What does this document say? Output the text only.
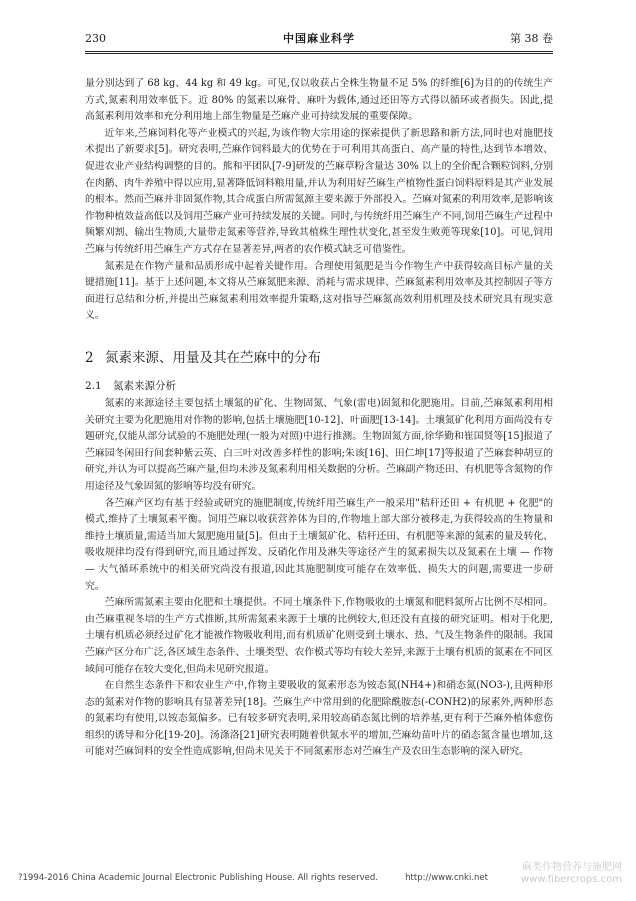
230	中国麻业科学	第 38 卷

量分别达到了 68 kg、44 kg 和 49 kg。可见,仅以收获占全株生物量不足 5% 的纤维[6]为目的的传统生产方式,氮素利用效率低下。近 80% 的氮素以麻骨、麻叶为载体,通过还田等方式得以循环或者损失。因此,提高氮素利用效率和充分利用地上部生物量是苎麻产业可持续发展的重要保障。

近年来,苎麻饲料化等产业模式的兴起,为该作物大宗用途的探索提供了新思路和新方法,同时也对施肥技术提出了新要求[5]。研究表明,苎麻作饲料最大的优势在于可利用其高蛋白、高产量的特性,达到节本增效、促进农业产业结构调整的目的。熊和平团队[7-9]研发的苎麻草粉含量达 30% 以上的全价配合颗粒饲料,分别在肉鹅、肉牛养殖中得以应用,显著降低饲料粮用量,并认为利用好苎麻生产植物性蛋白饲料原料是其产业发展的根本。然而苎麻并非固氮作物,其合成蛋白所需氮源主要来源于外部投入。苎麻对氮素的利用效率,是影响该作物种植效益高低以及饲用苎麻产业可持续发展的关键。同时,与传统纤用苎麻生产不同,饲用苎麻生产过程中频繁刈割、输出生物质,大量带走氮素等营养,导致其植株生理性状变化,甚至发生败蔸等现象[10]。可见,饲用苎麻与传统纤用苎麻生产方式存在显著差异,两者的农作模式缺乏可借鉴性。

氮素是在作物产量和品质形成中起着关键作用。合理使用氮肥是当今作物生产中获得较高目标产量的关键措施[11]。基于上述问题,本文将从苎麻氮肥来源、消耗与需求规律、苎麻氮素利用效率及其控制因子等方面进行总结和分析,并提出苎麻氮素利用效率提升策略,这对指导苎麻氮高效利用机理及技术研究具有现实意义。

2 氮素来源、用量及其在苎麻中的分布
2.1 氮素来源分析

氮素的来源途径主要包括土壤氮的矿化、生物固氮、气象(雷电)固氮和化肥施用。目前,苎麻氮素利用相关研究主要为化肥施用对作物的影响,包括土壤施肥[10-12]、叶面肥[13-14]。土壤氮矿化利用方面尚没有专题研究,仅能从部分试验的不施肥处理(一般为对照)中进行推测。生物固氮方面,徐华勤和崔国贤等[15]报道了苎麻园冬闲田行间套种紫云英、白三叶对改善多样性的影响;朱该[16]、田仁坤[17]等报道了苎麻套种胡豆的研究,并认为可以提高苎麻产量,但均未涉及氮素利用相关数据的分析。苎麻副产物还田、有机肥等含氮物的作用途径及气象固氮的影响等均没有研究。

各苎麻产区均有基于经验或研究的施肥制度,传统纤用苎麻生产一般采用"秸秆还田 + 有机肥 + 化肥"的模式,维持了土壤氮素平衡。饲用苎麻以收获营养体为目的,作物地上部大部分被移走,为获得较高的生物量和维持土壤质量,需适当加大氮肥施用量[5]。但由于土壤氮矿化、秸秆还田、有机肥等来源的氮素的量及转化、吸收规律均没有得到研究,而且通过挥发、反硝化作用及淋失等途径产生的氮素损失以及氮素在土壤 — 作物 — 大气循环系统中的相关研究尚没有报道,因此其施肥制度可能存在效率低、损失大的问题,需要进一步研究。

苎麻所需氮素主要由化肥和土壤提供。不同土壤条件下,作物吸收的土壤氮和肥料氮所占比例不尽相同。由苎麻重视冬培的生产方式推断,其所需氮素来源于土壤的比例较大,但还没有直接的研究证明。相对于化肥,土壤有机质必须经过矿化才能被作物吸收利用,而有机质矿化则受到土壤水、热、气及生物条件的限制。我国苎麻产区分布广泛,各区域生态条件、土壤类型、农作模式等均有较大差异,来源于土壤有机质的氮素在不同区域间可能存在较大变化,但尚未见研究报道。

在自然生态条件下和农业生产中,作物主要吸收的氮素形态为铵态氮(NH4+)和硝态氮(NO3-),且两种形态的氮素对作物的影响具有显著差异[18]。苎麻生产中常用到的化肥除酰胺态(-CONH2)的尿素外,两种形态的氮素均有使用,以铵态氮偏多。已有较多研究表明,采用较高硝态氮比例的培养基,更有利于苎麻外植体愈伤组织的诱导和分化[19-20]。汤涤洛[21]研究表明随着供氮水平的增加,苎麻幼苗叶片的硝态氮含量也增加,这可能对苎麻饲料的安全性造成影响,但尚未见关于不同氮素形态对苎麻生产及农田生态影响的深入研究。

?1994-2016 China Academic Journal Electronic Publishing House. All rights reserved.	http://www.cnki.net
麻类作物营养与施肥网
www.fibercrops.com
